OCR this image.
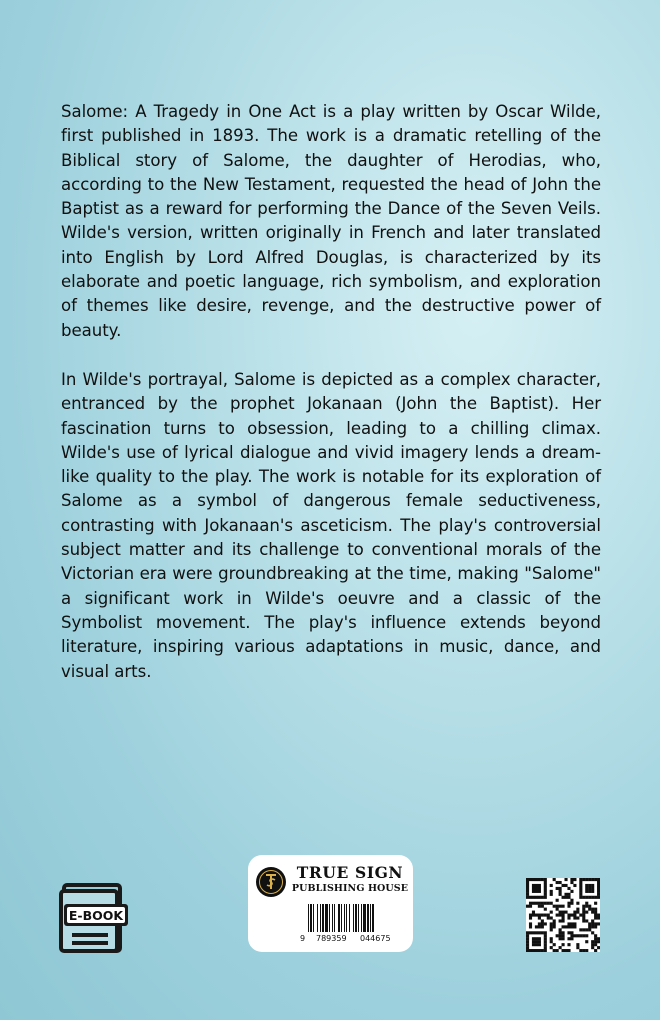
Salome: A Tragedy in One Act is a play written by Oscar Wilde, first published in 1893. The work is a dramatic retelling of the Biblical story of Salome, the daughter of Herodias, who, according to the New Testament, requested the head of John the Baptist as a reward for performing the Dance of the Seven Veils. Wilde's version, written originally in French and later translated into English by Lord Alfred Douglas, is characterized by its elaborate and poetic language, rich symbolism, and exploration of themes like desire, revenge, and the destructive power of beauty.

In Wilde's portrayal, Salome is depicted as a complex character, entranced by the prophet Jokanaan (John the Baptist). Her fascination turns to obsession, leading to a chilling climax. Wilde's use of lyrical dialogue and vivid imagery lends a dream-like quality to the play. The work is notable for its exploration of Salome as a symbol of dangerous female seductiveness, contrasting with Jokanaan's asceticism. The play's controversial subject matter and its challenge to conventional morals of the Victorian era were groundbreaking at the time, making "Salome" a significant work in Wilde's oeuvre and a classic of the Symbolist movement. The play's influence extends beyond literature, inspiring various adaptations in music, dance, and visual arts.

E-BOOK
TRUE SIGN
PUBLISHING HOUSE
9 789359 044675
